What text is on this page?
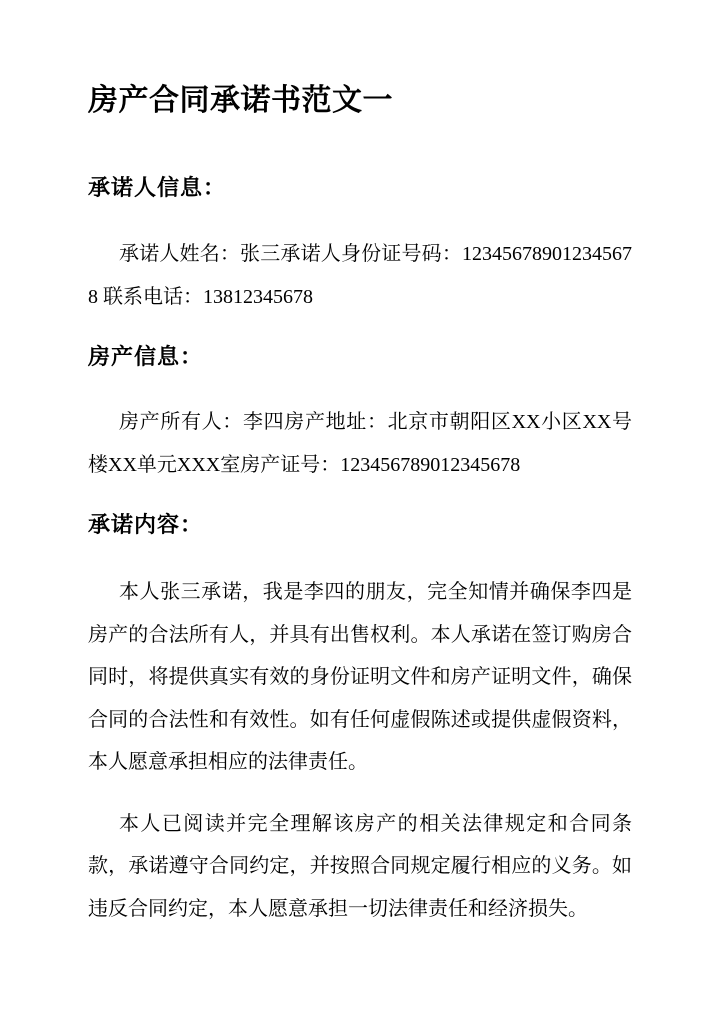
房产合同承诺书范文一
承诺人信息：

承诺人姓名：张三承诺人身份证号码：123456789012345678 联系电话：13812345678

房产信息：

房产所有人：李四房产地址：北京市朝阳区XX小区XX号楼XX单元XXX室房产证号：123456789012345678

承诺内容：

本人张三承诺，我是李四的朋友，完全知情并确保李四是房产的合法所有人，并具有出售权利。本人承诺在签订购房合同时，将提供真实有效的身份证明文件和房产证明文件，确保合同的合法性和有效性。如有任何虚假陈述或提供虚假资料，本人愿意承担相应的法律责任。

本人已阅读并完全理解该房产的相关法律规定和合同条款，承诺遵守合同约定，并按照合同规定履行相应的义务。如违反合同约定，本人愿意承担一切法律责任和经济损失。
